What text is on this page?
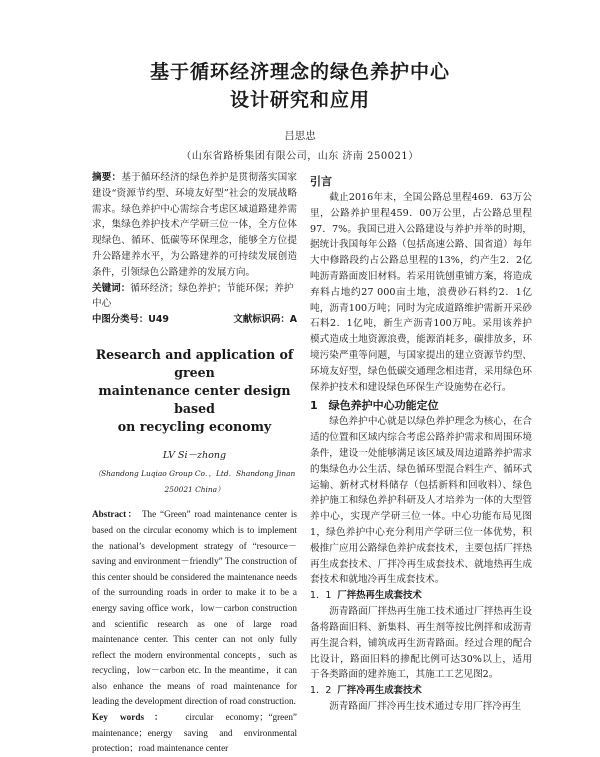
基于循环经济理念的绿色养护中心

设计研究和应用

吕思忠
（山东省路桥集团有限公司，山东 济南 250021）

摘要：基于循环经济的绿色养护是贯彻落实国家建设“资源节约型、环境友好型”社会的发展战略需求。绿色养护中心需综合考虑区域道路建养需求，集绿色养护技术产学研三位一体，全方位体现绿色、循环、低碳等环保理念，能够全方位提升公路建养水平，为公路建养的可持续发展创造条件，引领绿色公路建养的发展方向。

关键词：循环经济；绿色养护；节能环保；养护中心

中图分类号：U49	文献标识码：A

Research and application of green
maintenance center design based
on recycling economy

LV Si－zhong

（Shandong Luqiao Group Co．，Ltd．Shandong Jinan 250021 China）

Abstract： The “Green” road maintenance center is based on the circular economy which is to implement the national’s development strategy of “resource－saving and environment－friendly” The construction of this center should be considered the maintenance needs of the surrounding roads in order to make it to be a energy saving office work，low－carbon construction and scientific research as one of large road maintenance center. This center can not only fully reflect the modern environmental concepts，such as recycling，low－carbon etc. In the meantime，it can also enhance the means of road maintenance for leading the development direction of road construction.

Key words： circular economy；“green” maintenance；energy saving and environmental protection；road maintenance center

引言

截止2016年末，全国公路总里程469．63万公里，公路养护里程459．00万公里，占公路总里程97．7%。我国已进入公路建设与养护并举的时期，据统计我国每年公路（包括高速公路、国省道）每年大中修路段约占公路总里程的13%，约产生2．2亿吨沥青路面废旧材料。若采用铣刨重铺方案，将造成弃料占地约27 000亩土地，浪费砂石料约2．1亿吨，沥青100万吨；同时为完成道路维护需新开采砂石料2．1亿吨，新生产沥青100万吨。采用该养护模式造成土地资源浪费，能源消耗多，碳排放多，环境污染严重等问题，与国家提出的建立资源节约型、环境友好型，绿色低碳交通理念相违背，采用绿色环保养护技术和建设绿色环保生产设施势在必行。

1　绿色养护中心功能定位

绿色养护中心就是以绿色养护理念为核心，在合适的位置和区域内综合考虑公路养护需求和周围环境条件，建设一处能够满足该区域及周边道路养护需求的集绿色办公生活、绿色循环型混合料生产、循环式运输、新材式材料储存（包括新料和回收料）、绿色养护施工和绿色养护科研及人才培养为一体的大型管养中心，实现产学研三位一体。中心功能布局见图1，绿色养护中心充分利用产学研三位一体优势，积极推广应用公路绿色养护成套技术，主要包括厂拌热再生成套技术、厂拌冷再生成套技术、就地热再生成套技术和就地冷再生成套技术。

1．1 厂拌热再生成套技术

沥青路面厂拌热再生施工技术通过厂拌热再生设备将路面旧料、新集料、再生剂等按比例拌和成沥青再生混合料，铺筑成再生沥青路面。经过合理的配合比设计，路面旧料的掺配比例可达30%以上，适用于各类路面的建养施工，其施工工艺见图2。

1．2 厂拌冷再生成套技术

沥青路面厂拌冷再生技术通过专用厂拌冷再生
